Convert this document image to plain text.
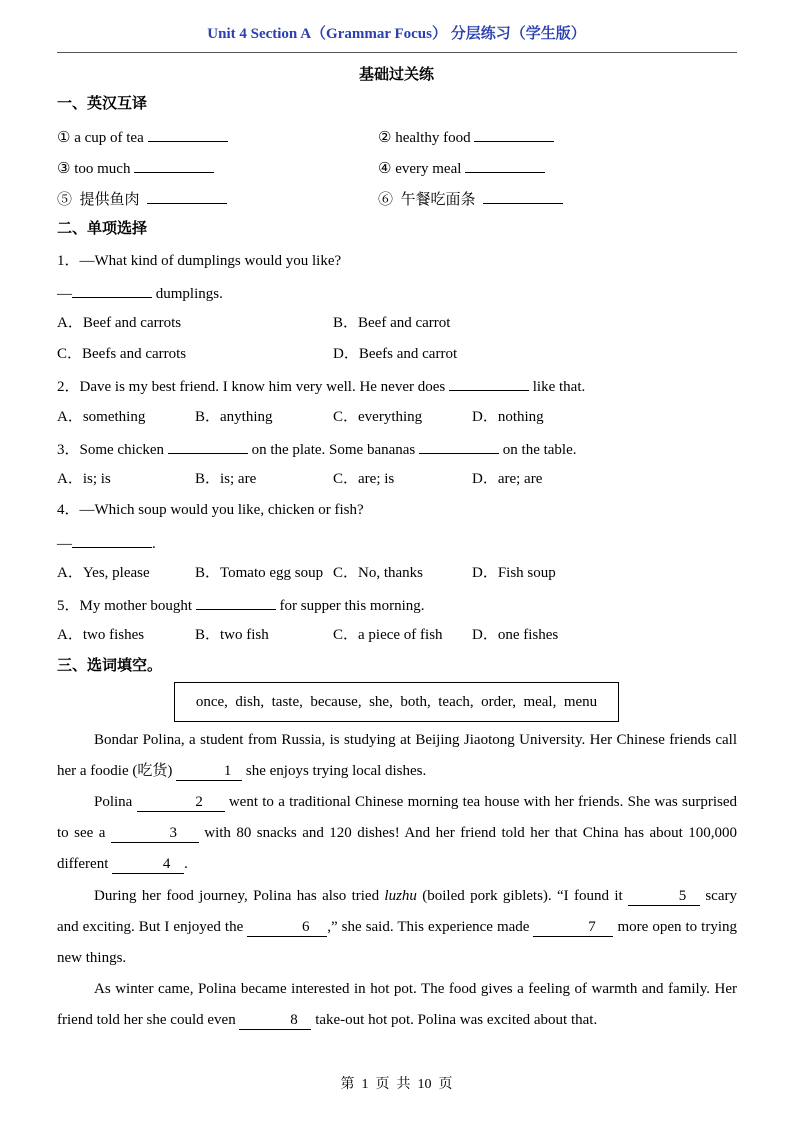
Unit 4 Section A（Grammar Focus） 分层练习（学生版）
基础过关练
一、英汉互译
① a cup of tea	② healthy food
③ too much	④ every meal
⑤  提供鱼肉	⑥  午餐吃面条
二、单项选择
1．—What kind of dumplings would you like?
—	dumplings.
A．Beef and carrots	B．Beef and carrot
C．Beefs and carrots	D．Beefs and carrot
2．Dave is my best friend. I know him very well. He never does	like that.
A．something	B．anything	C．everything	D．nothing
3．Some chicken	on the plate. Some bananas	on the table.
A．is; is	B．is; are	C．are; is	D．are; are
4．—Which soup would you like, chicken or fish?
—	.
A．Yes, please	B．Tomato egg soup C．No, thanks	D．Fish soup
5．My mother bought	for supper this morning.
A．two fishes	B．two fish	C．a piece of fish D．one fishes
三、选词填空。
once,  dish,  taste,  because,  she,  both,  teach,  order,  meal,  menu
Bondar Polina, a student from Russia, is studying at Beijing Jiaotong University. Her Chinese friends call her a foodie (吃货)	1 she enjoys trying local dishes.
Polina	2 went to a traditional Chinese morning tea house with her friends. She was surprised to see a	3 with 80 snacks and 120 dishes! And her friend told her that China has about 100,000 different	4 .
During her food journey, Polina has also tried luzhu (boiled pork giblets). “I found it	5 scary and exciting. But I enjoyed the	6 ,” she said. This experience made	7 more open to trying new things.
As winter came, Polina became interested in hot pot. The food gives a feeling of warmth and family. Her friend told her she could even	8 take-out hot pot. Polina was excited about that.
第  1  页  共  10  页
